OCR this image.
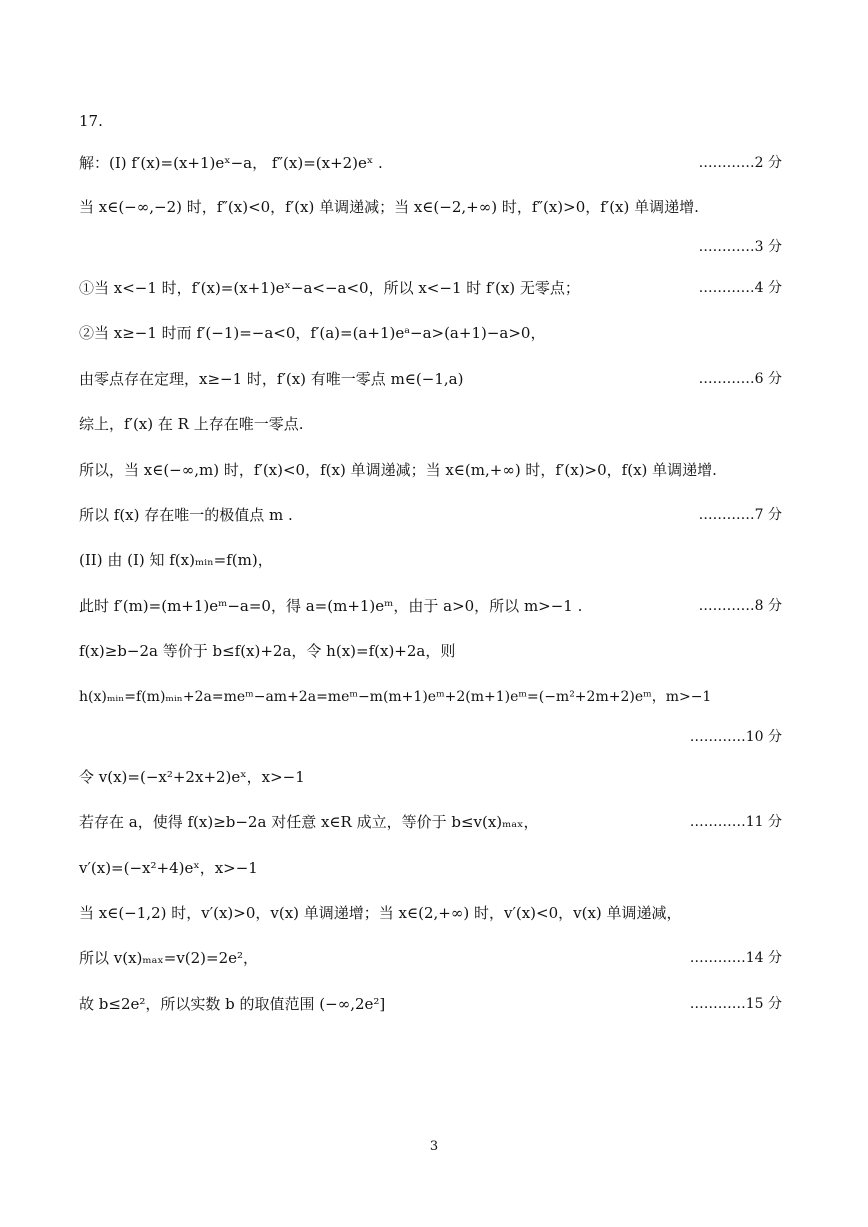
17.
解：(I) f′(x)=(x+1)eˣ−a， f″(x)=(x+2)eˣ .	…………2 分
当 x∈(−∞,−2) 时，f″(x)<0，f′(x) 单调递减；当 x∈(−2,+∞) 时，f″(x)>0，f′(x) 单调递增.
…………3 分
①当 x<−1 时，f′(x)=(x+1)eˣ−a<−a<0，所以 x<−1 时 f′(x) 无零点；	…………4 分
②当 x≥−1 时而 f′(−1)=−a<0，f′(a)=(a+1)eᵃ−a>(a+1)−a>0，
由零点存在定理，x≥−1 时，f′(x) 有唯一零点 m∈(−1,a)	…………6 分
综上，f′(x) 在 R 上存在唯一零点.
所以，当 x∈(−∞,m) 时，f′(x)<0，f(x) 单调递减；当 x∈(m,+∞) 时，f′(x)>0，f(x) 单调递增.
所以 f(x) 存在唯一的极值点 m .	…………7 分
(II) 由 (I) 知 f(x)ₘᵢₙ=f(m)，
此时 f′(m)=(m+1)eᵐ−a=0，得 a=(m+1)eᵐ，由于 a>0，所以 m>−1 .	…………8 分
f(x)≥b−2a 等价于 b≤f(x)+2a，令 h(x)=f(x)+2a，则
h(x)ₘᵢₙ=f(m)ₘᵢₙ+2a=meᵐ−am+2a=meᵐ−m(m+1)eᵐ+2(m+1)eᵐ=(−m²+2m+2)eᵐ，m>−1
…………10 分
令 v(x)=(−x²+2x+2)eˣ，x>−1
若存在 a，使得 f(x)≥b−2a 对任意 x∈R 成立，等价于 b≤v(x)ₘₐₓ，	…………11 分
v′(x)=(−x²+4)eˣ，x>−1
当 x∈(−1,2) 时，v′(x)>0，v(x) 单调递增；当 x∈(2,+∞) 时，v′(x)<0，v(x) 单调递减，
所以 v(x)ₘₐₓ=v(2)=2e²，	…………14 分
故 b≤2e²，所以实数 b 的取值范围 (−∞,2e²]	…………15 分
3
